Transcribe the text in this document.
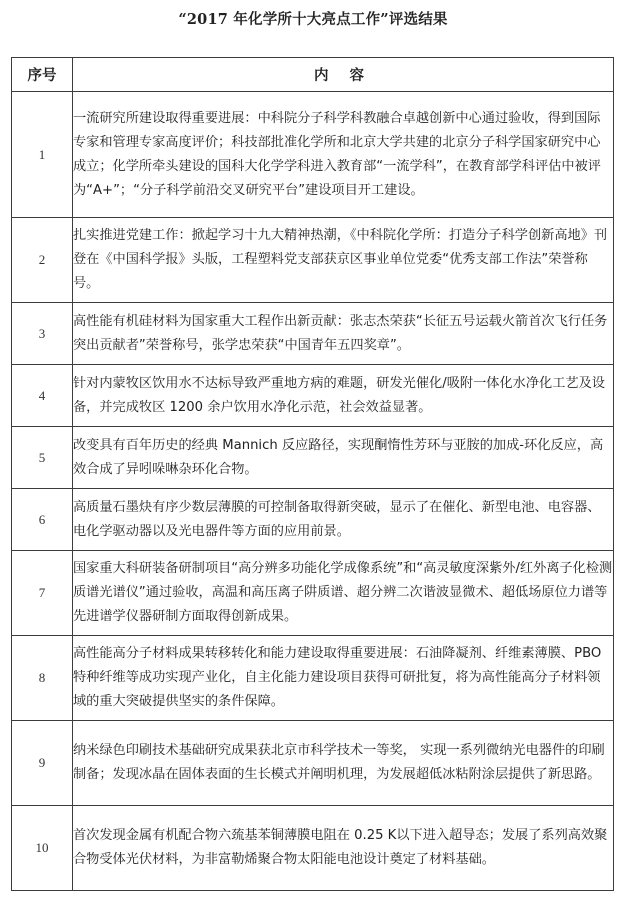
“2017 年化学所十大亮点工作”评选结果
序号	内 容
1	一流研究所建设取得重要进展：中科院分子科学科教融合卓越创新中心通过验收，得到国际专家和管理专家高度评价；科技部批准化学所和北京大学共建的北京分子科学国家研究中心成立；化学所牵头建设的国科大化学学科进入教育部“一流学科”，在教育部学科评估中被评为“A+”；“分子科学前沿交叉研究平台”建设项目开工建设。
2	扎实推进党建工作：掀起学习十九大精神热潮，《中科院化学所：打造分子科学创新高地》刊登在《中国科学报》头版，工程塑料党支部获京区事业单位党委“优秀支部工作法”荣誉称号。
3	高性能有机硅材料为国家重大工程作出新贡献：张志杰荣获“长征五号运载火箭首次飞行任务突出贡献者”荣誉称号，张学忠荣获“中国青年五四奖章”。
4	针对内蒙牧区饮用水不达标导致严重地方病的难题，研发光催化/吸附一体化水净化工艺及设备，并完成牧区 1200 余户饮用水净化示范，社会效益显著。
5	改变具有百年历史的经典 Mannich 反应路径，实现酮惰性芳环与亚胺的加成-环化反应，高效合成了异吲哚啉杂环化合物。
6	高质量石墨炔有序少数层薄膜的可控制备取得新突破，显示了在催化、新型电池、电容器、电化学驱动器以及光电器件等方面的应用前景。
7	国家重大科研装备研制项目“高分辨多功能化学成像系统”和“高灵敏度深紫外/红外离子化检测质谱光谱仪”通过验收，高温和高压离子阱质谱、超分辨二次谐波显微术、超低场原位力谱等先进谱学仪器研制方面取得创新成果。
8	高性能高分子材料成果转移转化和能力建设取得重要进展：石油降凝剂、纤维素薄膜、PBO 特种纤维等成功实现产业化，自主化能力建设项目获得可研批复，将为高性能高分子材料领域的重大突破提供坚实的条件保障。
9	纳米绿色印刷技术基础研究成果获北京市科学技术一等奖， 实现一系列微纳光电器件的印刷制备；发现冰晶在固体表面的生长模式并阐明机理，为发展超低冰粘附涂层提供了新思路。
10	首次发现金属有机配合物六巯基苯铜薄膜电阻在 0.25 K以下进入超导态；发展了系列高效聚合物受体光伏材料，为非富勒烯聚合物太阳能电池设计奠定了材料基础。
